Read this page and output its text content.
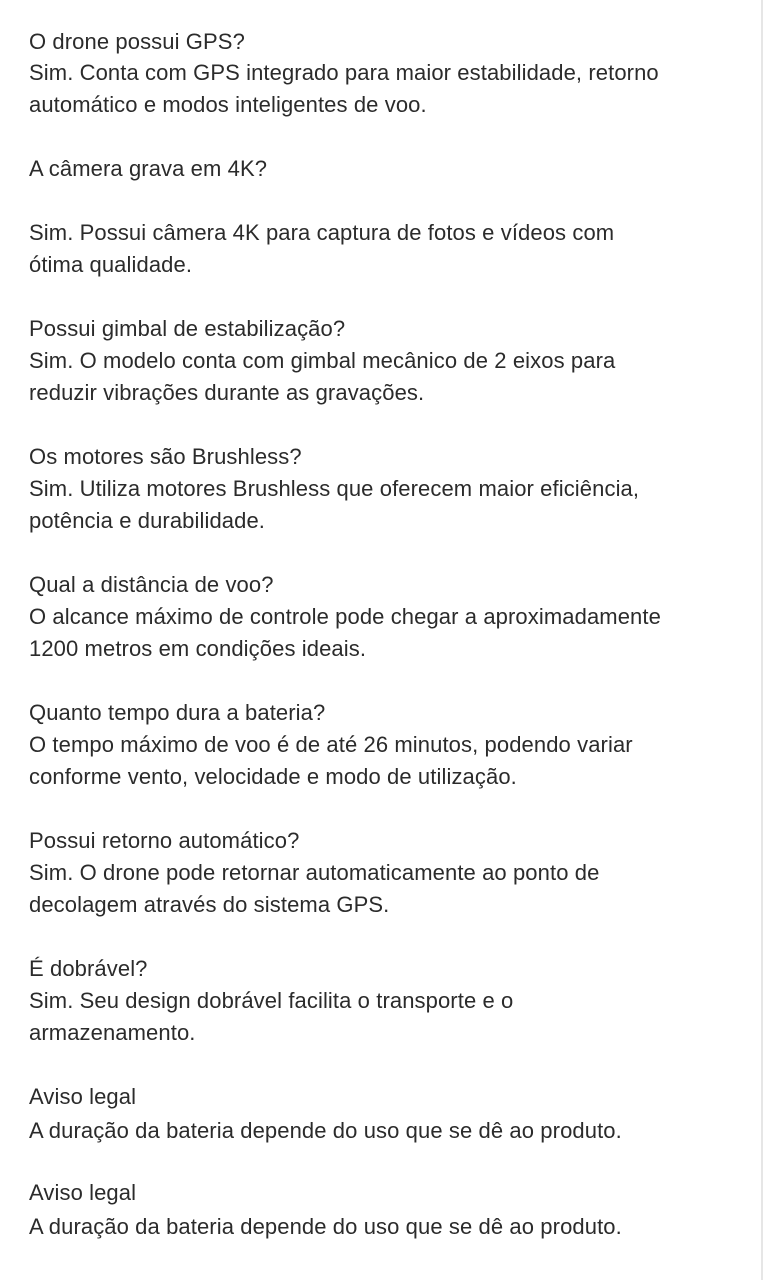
O drone possui GPS?
Sim. Conta com GPS integrado para maior estabilidade, retorno
automático e modos inteligentes de voo.
A câmera grava em 4K?
Sim. Possui câmera 4K para captura de fotos e vídeos com
ótima qualidade.
Possui gimbal de estabilização?
Sim. O modelo conta com gimbal mecânico de 2 eixos para
reduzir vibrações durante as gravações.
Os motores são Brushless?
Sim. Utiliza motores Brushless que oferecem maior eficiência,
potência e durabilidade.
Qual a distância de voo?
O alcance máximo de controle pode chegar a aproximadamente
1200 metros em condições ideais.
Quanto tempo dura a bateria?
O tempo máximo de voo é de até 26 minutos, podendo variar
conforme vento, velocidade e modo de utilização.
Possui retorno automático?
Sim. O drone pode retornar automaticamente ao ponto de
decolagem através do sistema GPS.
É dobrável?
Sim. Seu design dobrável facilita o transporte e o
armazenamento.
Aviso legal
A duração da bateria depende do uso que se dê ao produto.
Aviso legal
A duração da bateria depende do uso que se dê ao produto.
